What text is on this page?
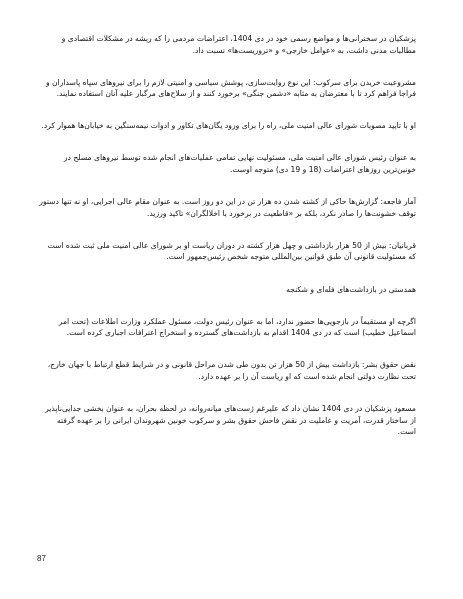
پزشکیان در سخنرانی‌ها و مواضع رسمی خود در دی 1404، اعتراضات مردمی را که ریشه در مشکلات اقتصادی و مطالبات مدنی داشت، به «عوامل خارجی» و «تروریست‌ها» نسبت داد.

مشروعیت خریدن برای سرکوب: این نوع روایت‌سازی، پوشش سیاسی و امنیتی لازم را برای نیروهای سپاه پاسداران و فراجا فراهم کرد تا با معترضان به مثابه «دشمن جنگی» برخورد کنند و از سلاح‌های مرگبار علیه آنان استفاده نمایند.

او با تایید مصوبات شورای عالی امنیت ملی، راه را برای ورود یگان‌های تکاور و ادوات نیمه‌سنگین به خیابان‌ها هموار کرد.

به عنوان رئیس شورای عالی امنیت ملی، مسئولیت نهایی تمامی عملیات‌های انجام شده توسط نیروهای مسلح در خونین‌ترین روزهای اعتراضات (18 و 19 دی) متوجه اوست.

آمار فاجعه: گزارش‌ها حاکی از کشته شدن ده هزار تن در این دو روز است. به عنوان مقام عالی اجرایی، او نه تنها دستور توقف خشونت‌ها را صادر نکرد، بلکه بر «قاطعیت در برخورد با اخلالگران» تاکید ورزید.

قربانیان: بیش از 50 هزار بازداشتی و چهل هزار کشته در دوران ریاست او بر شورای عالی امنیت ملی ثبت شده است که مسئولیت قانونی آن طبق قوانین بین‌المللی متوجه شخص رئیس‌جمهور است.

همدستی در بازداشت‌های فله‌ای و شکنجه

اگرچه او مستقیماً در بازجویی‌ها حضور ندارد، اما به عنوان رئیس دولت، مسئول عملکرد وزارت اطلاعات (تحت امر اسماعیل خطیب) است که در دی 1404 اقدام به بازداشت‌های گسترده و استخراج اعترافات اجباری کرده است.

نقض حقوق بشر: بازداشت بیش از 50 هزار تن بدون طی شدن مراحل قانونی و در شرایط قطع ارتباط با جهان خارج، تحت نظارت دولتی انجام شده است که او ریاست آن را بر عهده دارد.

مسعود پزشکیان در دی 1404 نشان داد که علیرغم ژست‌های میانه‌روانه، در لحظه بحران، به عنوان بخشی جدایی‌ناپذیر از ساختار قدرت، آمریت و عاملیت در نقض فاحش حقوق بشر و سرکوب خونین شهروندان ایرانی را بر عهده گرفته است.

87
